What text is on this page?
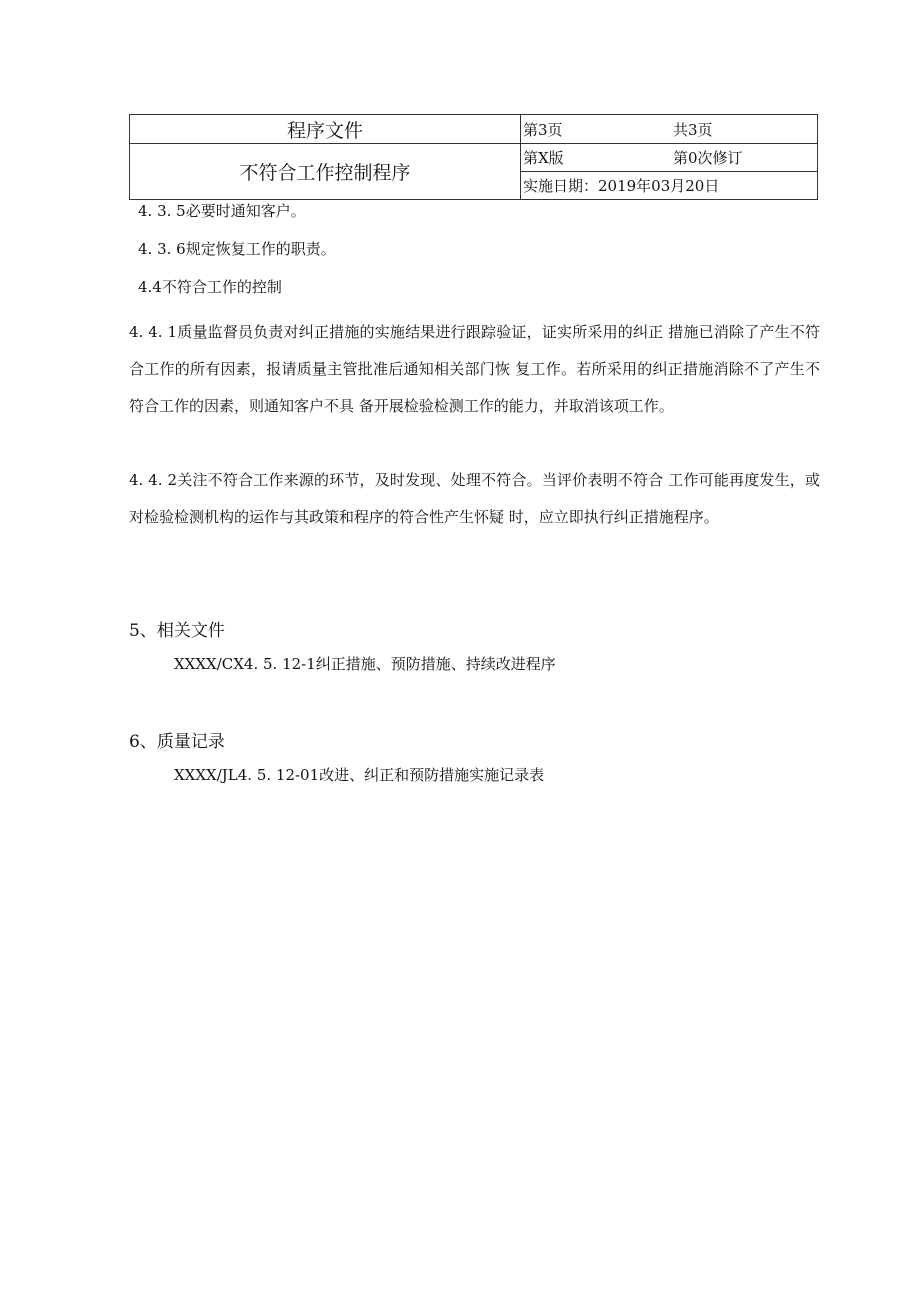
程序文件	第3页 共3页

不符合工作控制程序	第X版 第0次修订

	实施日期：2019年03月20日
4. 3. 5必要时通知客户。
4. 3. 6规定恢复工作的职责。
4.4不符合工作的控制
4. 4. 1质量监督员负责对纠正措施的实施结果进行跟踪验证，证实所采用的纠正 措施已消除了产生不符合工作的所有因素，报请质量主管批准后通知相关部门恢 复工作。若所采用的纠正措施消除不了产生不符合工作的因素，则通知客户不具 备开展检验检测工作的能力，并取消该项工作。
4. 4. 2关注不符合工作来源的环节，及时发现、处理不符合。当评价表明不符合 工作可能再度发生，或对检验检测机构的运作与其政策和程序的符合性产生怀疑 时，应立即执行纠正措施程序。
5、相关文件
XXXX/CX4. 5. 12-1纠正措施、预防措施、持续改进程序
6、质量记录
XXXX/JL4. 5. 12-01改进、纠正和预防措施实施记录表
